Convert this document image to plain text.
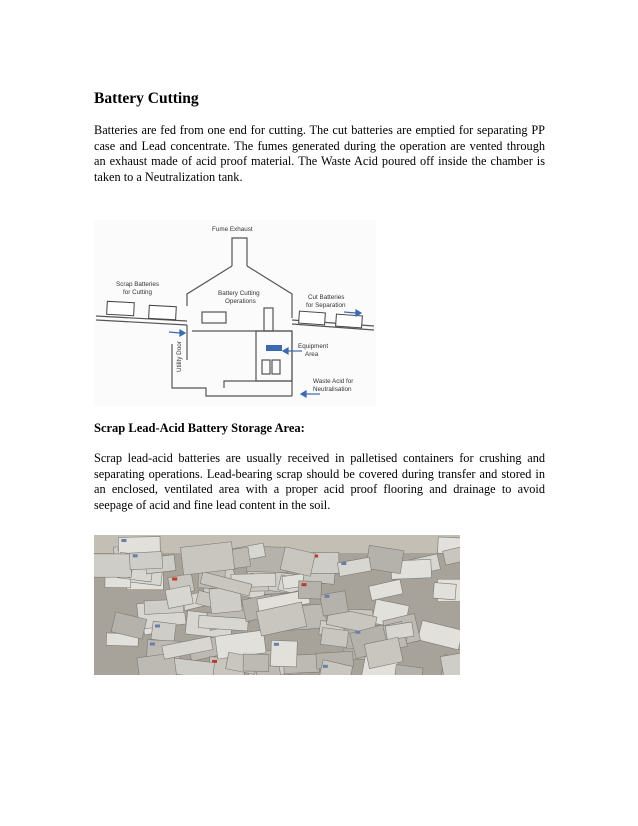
Battery Cutting

Batteries are fed from one end for cutting. The cut batteries are emptied for separating PP case and Lead concentrate. The fumes generated during the operation are vented through an exhaust made of acid proof material. The Waste Acid poured off inside the chamber is taken to a Neutralization tank.

Fume Exhaust
Scrap Batteries
for Cutting	Battery Cutting
Operations
Cut Batteries
for Separation
Equipment
Area
Waste Acid for
Neutralisation
Utility Door
Scrap Lead-Acid Battery Storage Area:

Scrap lead-acid batteries are usually received in palletised containers for crushing and separating operations. Lead-bearing scrap should be covered during transfer and stored in an enclosed, ventilated area with a proper acid proof flooring and drainage to avoid seepage of acid and fine lead content in the soil.
